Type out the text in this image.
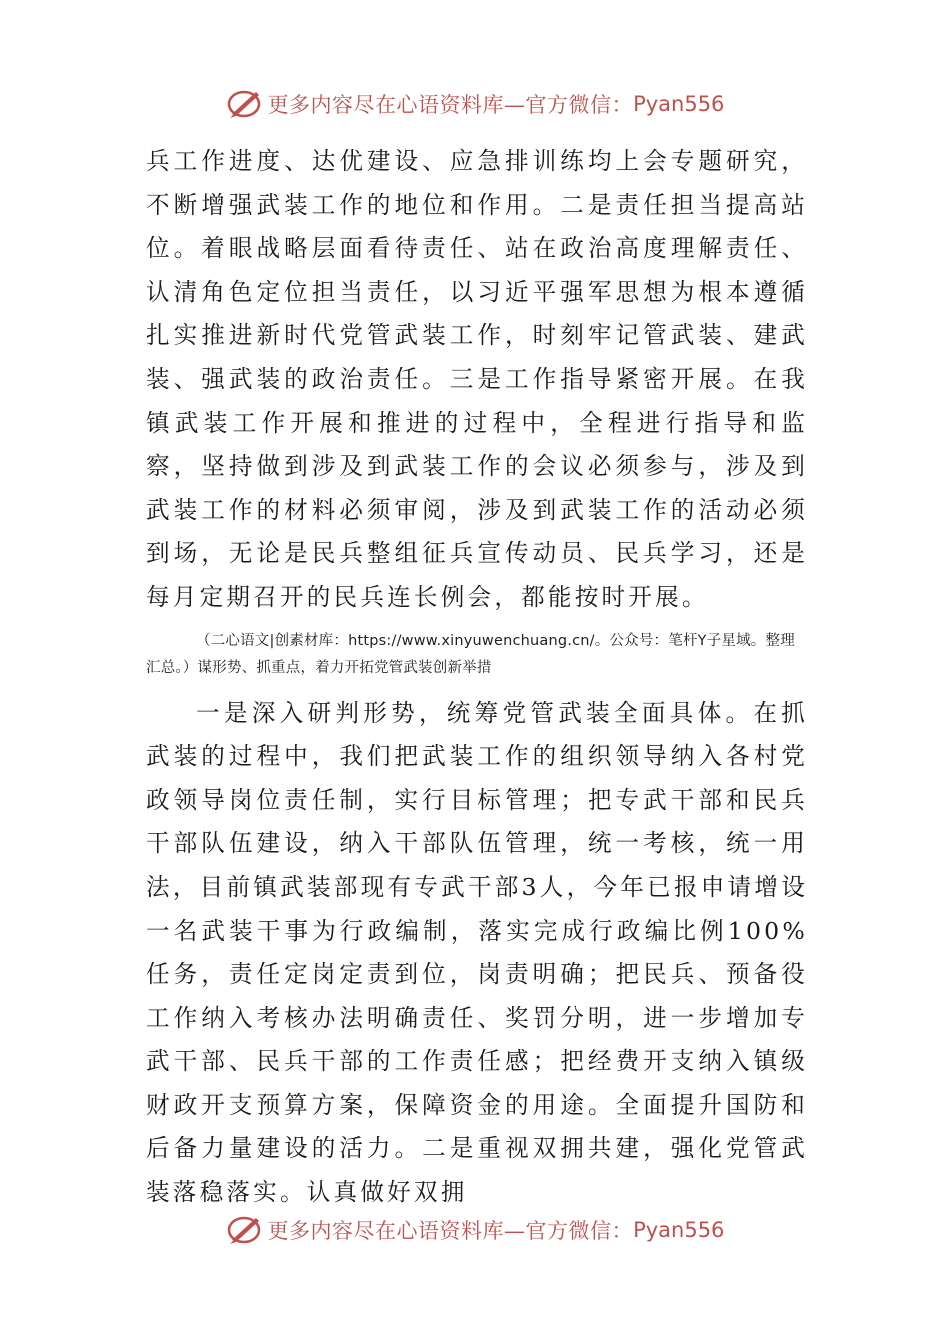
更多内容尽在心语资料库—官方微信： Pyan556

兵工作进度、达优建设、应急排训练均上会专题研究，不断增强武装工作的地位和作用。二是责任担当提高站位。着眼战略层面看待责任、站在政治高度理解责任、认清角色定位担当责任，以习近平强军思想为根本遵循扎实推进新时代党管武装工作，时刻牢记管武装、建武装、强武装的政治责任。三是工作指导紧密开展。在我镇武装工作开展和推进的过程中，全程进行指导和监察，坚持做到涉及到武装工作的会议必须参与，涉及到武装工作的材料必须审阅，涉及到武装工作的活动必须到场，无论是民兵整组征兵宣传动员、民兵学习，还是每月定期召开的民兵连长例会，都能按时开展。

（二心语文|创素材库：https://www.xinyuwenchuang.cn/。公众号：笔杆Y子星域。整理汇总。）谋形势、抓重点，着力开拓党管武装创新举措

一是深入研判形势，统筹党管武装全面具体。在抓武装的过程中，我们把武装工作的组织领导纳入各村党政领导岗位责任制，实行目标管理；把专武干部和民兵干部队伍建设，纳入干部队伍管理，统一考核，统一用法，目前镇武装部现有专武干部3人，今年已报申请增设一名武装干事为行政编制，落实完成行政编比例100%任务，责任定岗定责到位，岗责明确；把民兵、预备役工作纳入考核办法明确责任、奖罚分明，进一步增加专武干部、民兵干部的工作责任感；把经费开支纳入镇级财政开支预算方案，保障资金的用途。全面提升国防和后备力量建设的活力。二是重视双拥共建，强化党管武装落稳落实。认真做好双拥

更多内容尽在心语资料库—官方微信： Pyan556
